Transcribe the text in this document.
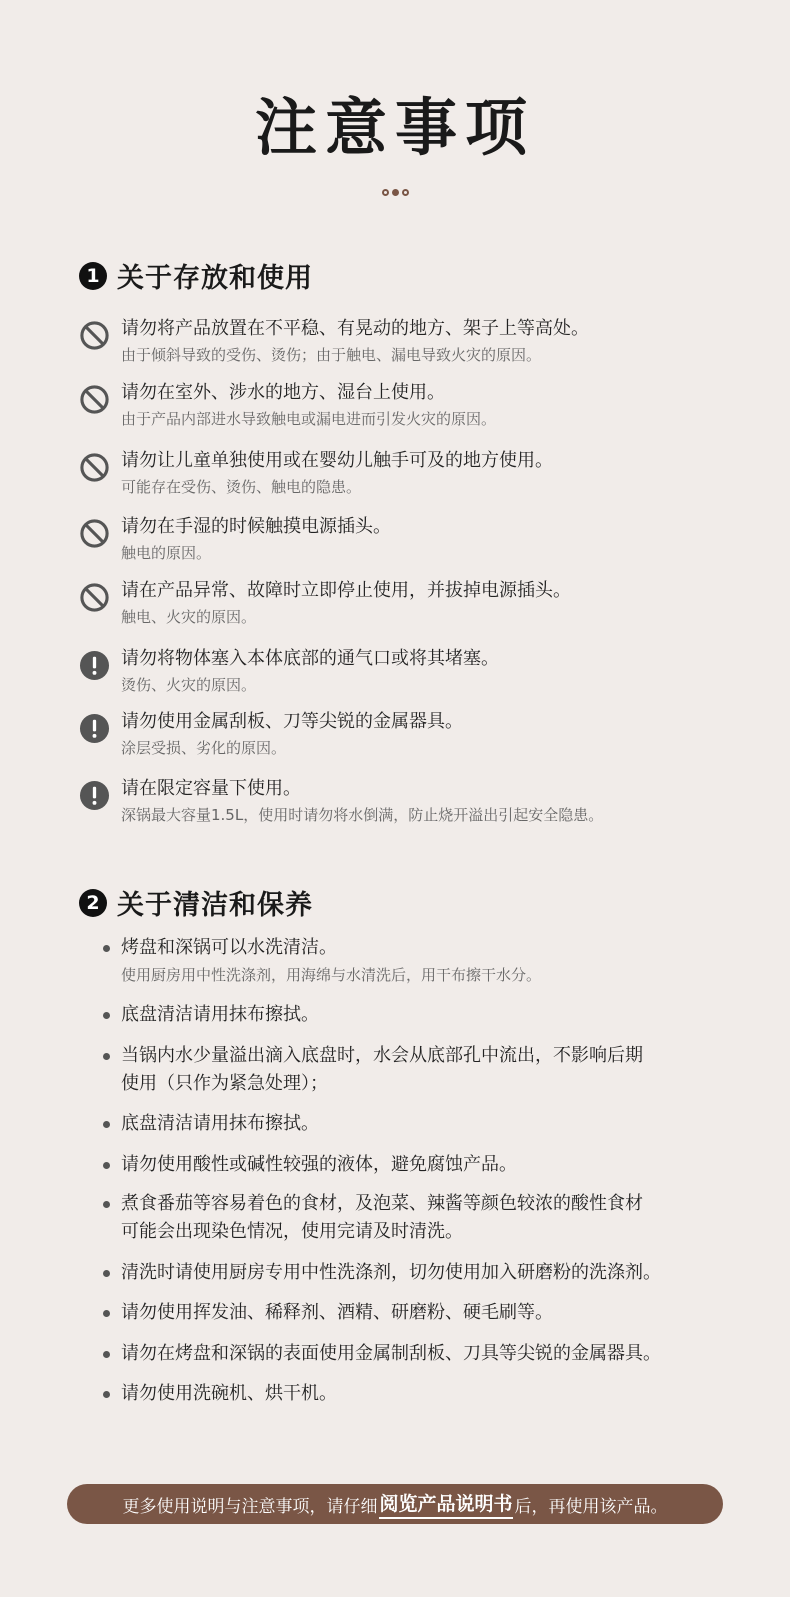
注意事项
1 关于存放和使用
请勿将产品放置在不平稳、有晃动的地方、架子上等高处。
由于倾斜导致的受伤、烫伤；由于触电、漏电导致火灾的原因。
请勿在室外、涉水的地方、湿台上使用。
由于产品内部进水导致触电或漏电进而引发火灾的原因。
请勿让儿童单独使用或在婴幼儿触手可及的地方使用。
可能存在受伤、烫伤、触电的隐患。
请勿在手湿的时候触摸电源插头。
触电的原因。
请在产品异常、故障时立即停止使用，并拔掉电源插头。
触电、火灾的原因。
请勿将物体塞入本体底部的通气口或将其堵塞。
烫伤、火灾的原因。
请勿使用金属刮板、刀等尖锐的金属器具。
涂层受损、劣化的原因。
请在限定容量下使用。
深锅最大容量1.5L，使用时请勿将水倒满，防止烧开溢出引起安全隐患。
2 关于清洁和保养
烤盘和深锅可以水洗清洁。
使用厨房用中性洗涤剂，用海绵与水清洗后，用干布擦干水分。
底盘清洁请用抹布擦拭。
当锅内水少量溢出滴入底盘时，水会从底部孔中流出，不影响后期
使用（只作为紧急处理）；
底盘清洁请用抹布擦拭。
请勿使用酸性或碱性较强的液体，避免腐蚀产品。
煮食番茄等容易着色的食材，及泡菜、辣酱等颜色较浓的酸性食材
可能会出现染色情况，使用完请及时清洗。
清洗时请使用厨房专用中性洗涤剂，切勿使用加入研磨粉的洗涤剂。
请勿使用挥发油、稀释剂、酒精、研磨粉、硬毛刷等。
请勿在烤盘和深锅的表面使用金属制刮板、刀具等尖锐的金属器具。
请勿使用洗碗机、烘干机。
更多使用说明与注意事项，请仔细 阅览产品说明书 后，再使用该产品。
